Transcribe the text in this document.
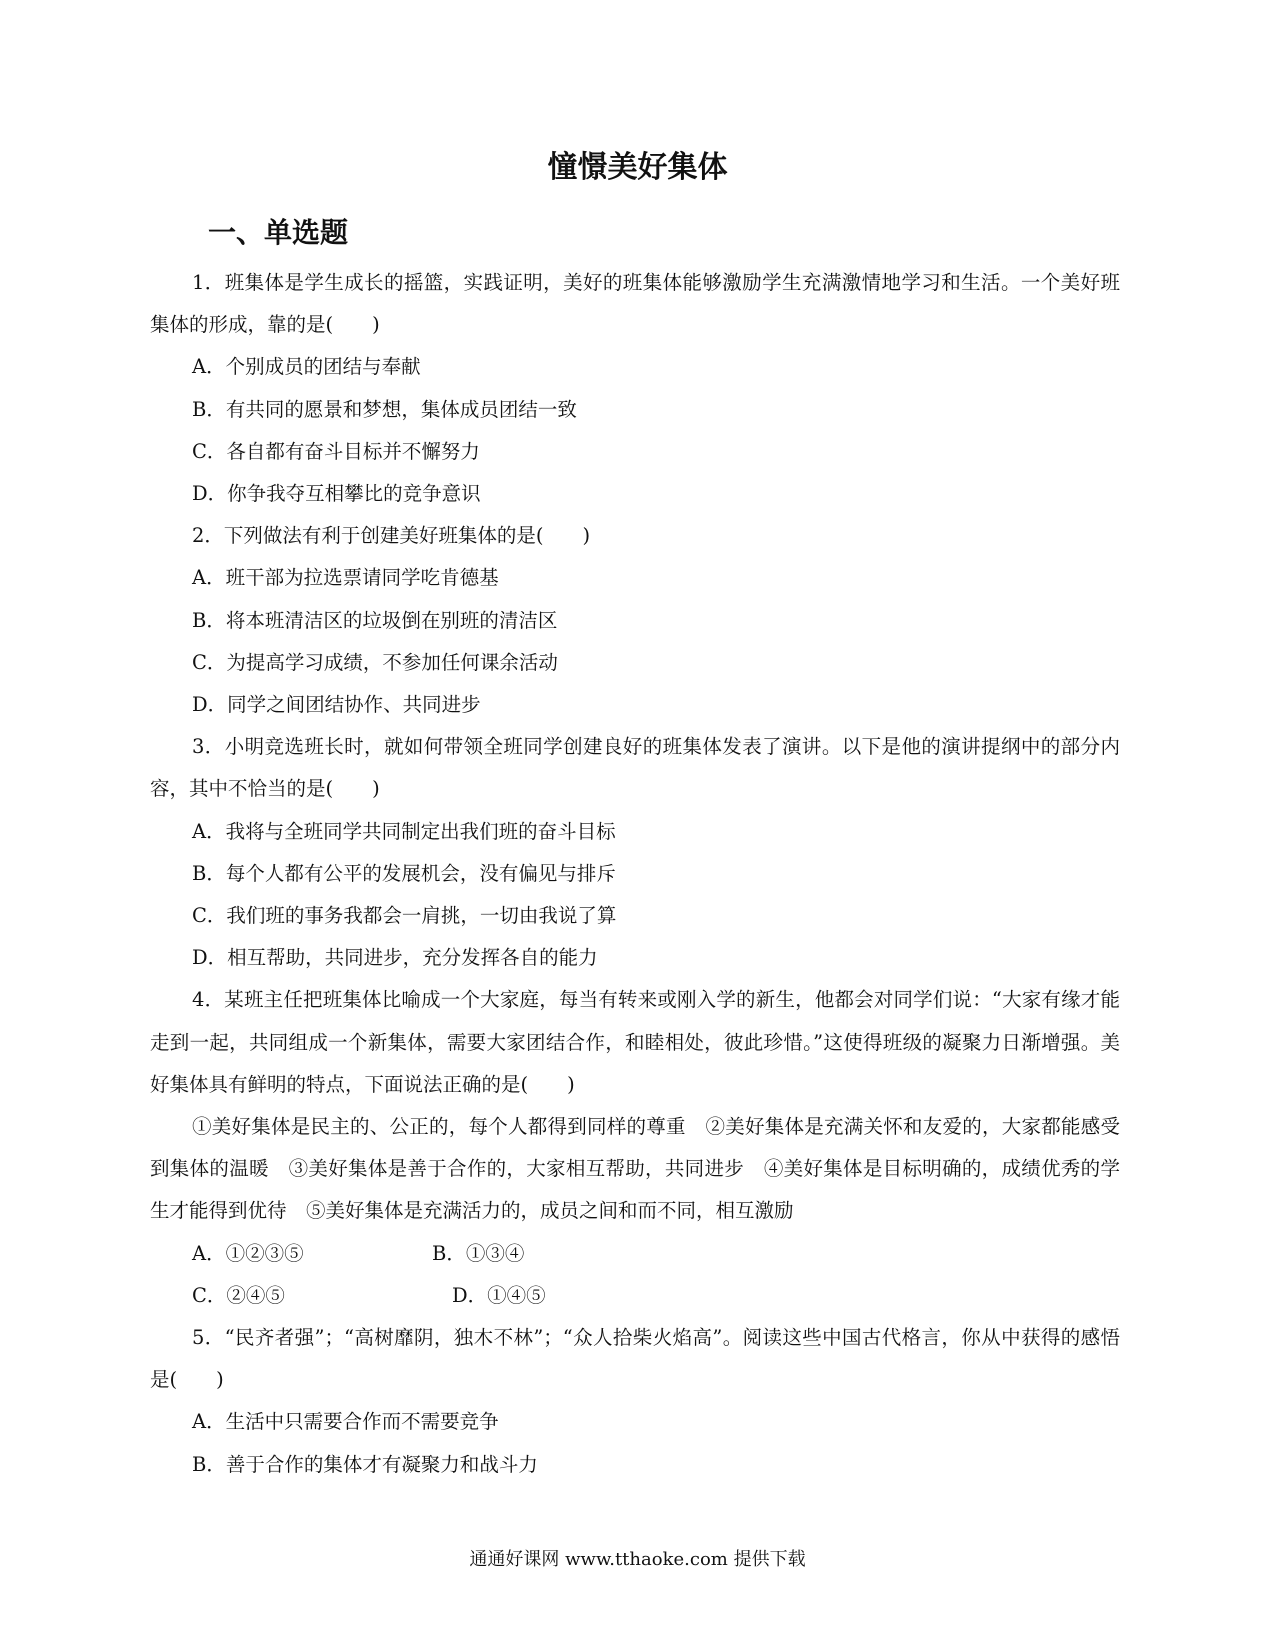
憧憬美好集体
一、单选题

1．班集体是学生成长的摇篮，实践证明，美好的班集体能够激励学生充满激情地学习和生活。一个美好班集体的形成，靠的是(　　)

A．个别成员的团结与奉献

B．有共同的愿景和梦想，集体成员团结一致

C．各自都有奋斗目标并不懈努力

D．你争我夺互相攀比的竞争意识

2．下列做法有利于创建美好班集体的是(　　)

A．班干部为拉选票请同学吃肯德基

B．将本班清洁区的垃圾倒在别班的清洁区

C．为提高学习成绩，不参加任何课余活动

D．同学之间团结协作、共同进步

3．小明竞选班长时，就如何带领全班同学创建良好的班集体发表了演讲。以下是他的演讲提纲中的部分内容，其中不恰当的是(　　)

A．我将与全班同学共同制定出我们班的奋斗目标

B．每个人都有公平的发展机会，没有偏见与排斥

C．我们班的事务我都会一肩挑，一切由我说了算

D．相互帮助，共同进步，充分发挥各自的能力

4．某班主任把班集体比喻成一个大家庭，每当有转来或刚入学的新生，他都会对同学们说：“大家有缘才能走到一起，共同组成一个新集体，需要大家团结合作，和睦相处，彼此珍惜。”这使得班级的凝聚力日渐增强。美好集体具有鲜明的特点，下面说法正确的是(　　)

①美好集体是民主的、公正的，每个人都得到同样的尊重　②美好集体是充满关怀和友爱的，大家都能感受到集体的温暖　③美好集体是善于合作的，大家相互帮助，共同进步　④美好集体是目标明确的，成绩优秀的学生才能得到优待　⑤美好集体是充满活力的，成员之间和而不同，相互激励

A．①②③⑤	B．①③④
C．②④⑤	D．①④⑤

5．“民齐者强”；“高树靡阴，独木不林”；“众人拾柴火焰高”。阅读这些中国古代格言，你从中获得的感悟是(　　)

A．生活中只需要合作而不需要竞争

B．善于合作的集体才有凝聚力和战斗力

通通好课网 www.tthaoke.com 提供下载
